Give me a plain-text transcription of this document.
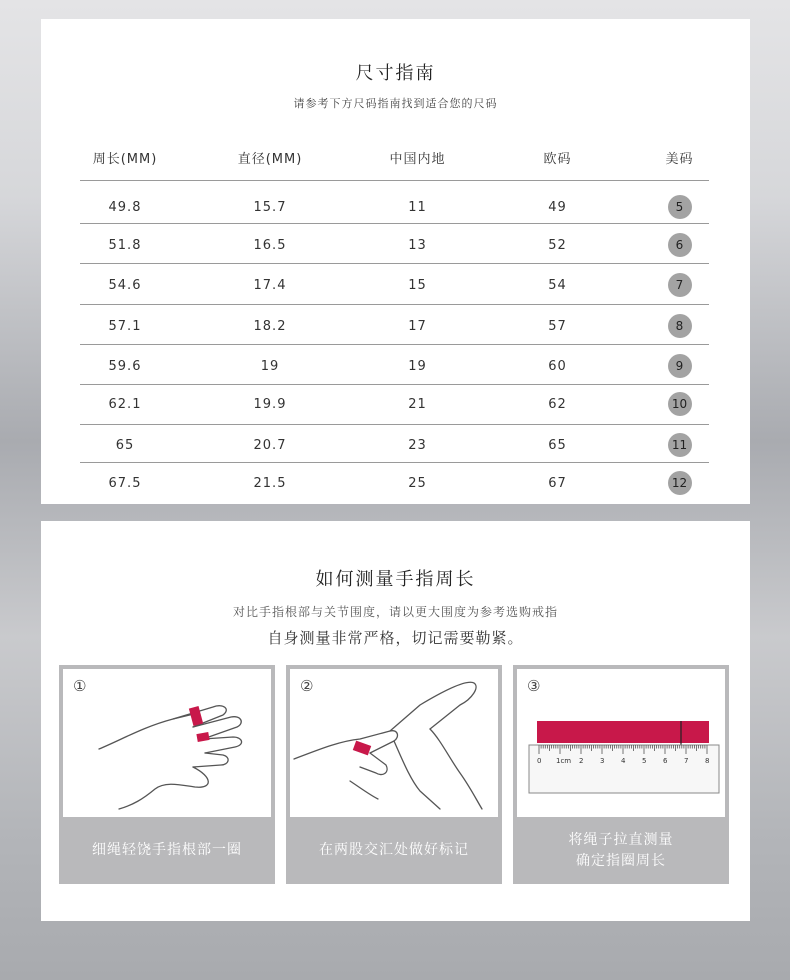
尺寸指南
请参考下方尺码指南找到适合您的尺码
周长(MM)	直径(MM)	中国内地	欧码	美码
49.8	15.7	11	49	5
51.8	16.5	13	52	6
54.6	17.4	15	54	7
57.1	18.2	17	57	8
59.6	19	19	60	9
62.1	19.9	21	62	10
65	20.7	23	65	11
67.5	21.5	25	67	12
如何测量手指周长
对比手指根部与关节围度，请以更大围度为参考选购戒指
自身测量非常严格，切记需要勒紧。
①
细绳轻饶手指根部一圈
②
在两股交汇处做好标记
0 1cm 2 3 4 5 6 7 8
③
将绳子拉直测量
确定指圈周长
